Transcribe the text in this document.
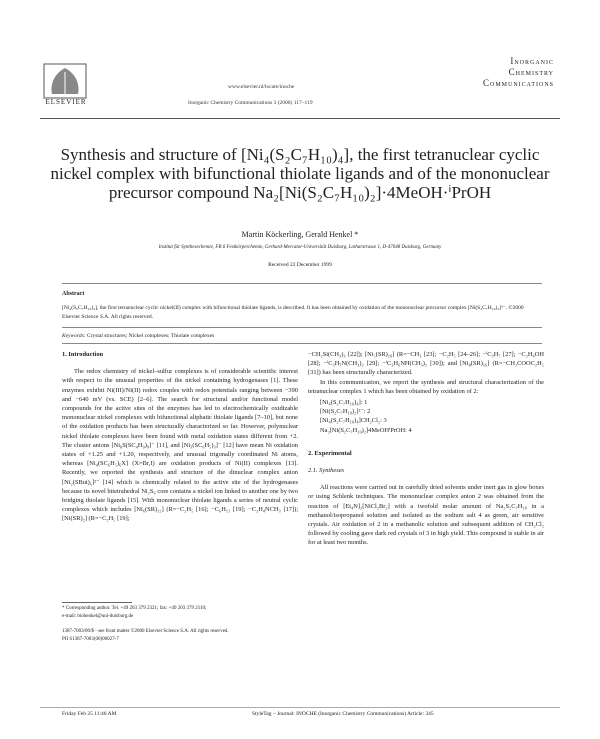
ELSEVIER
www.elsevier.nl/locate/inoche
Inorganic Chemistry Communications 3 (2000) 117–119
Inorganic
Chemistry
Communications
Synthesis and structure of [Ni₄(S₂C₇H₁₀)₄], the first tetranuclear cyclic
nickel complex with bifunctional thiolate ligands and of the mononuclear
precursor compound Na₂[Ni(S₂C₇H₁₀)₂]·4MeOH·ⁱPrOH
Martin Köckerling, Gerald Henkel *
Institut für Synthesechemie, FB 6 Festkörperchemie, Gerhard-Mercator-Universität Duisburg, Lotharstrasse 1, D-47048 Duisburg, Germany
Received 22 December 1999
Abstract
[Ni₄(S₂C₇H₁₀)₄], the first tetranuclear cyclic nickel(II) complex with bifunctional thiolate ligands, is described. It has been obtained by oxidation of the mononuclear precursor complex [Ni(S₂C₇H₁₀)₂]²⁻. ©2000 Elsevier Science S.A. All rights reserved.
Keywords: Crystal structures; Nickel complexes; Thiolate complexes
1. Introduction

The redox chemistry of nickel–sulfur complexes is of considerable scientific interest with respect to the unusual properties of the nickel containing hydrogenases [1]. These enzymes exhibit Ni(III)/Ni(II) redox couples with redox potentials ranging between −390 and −640 mV (vs. SCE) [2–6]. The search for structural and/or functional model compounds for the active sites of the enzymes has led to electrochemically oxidizable mononuclear nickel complexes with bifunctional aliphatic thiolate ligands [7–10], but none of the oxidation products has been structurally characterized so far. However, polynuclear nickel thiolate complexes have been found with metal oxidation states different from +2. The cluster anions [Ni₈S(SC₄H₉)₉]⁻ [11], and [Ni₃(SC₆H₅)₃]⁻ [12] have mean Ni oxidation states of +1.25 and +1.20, respectively, and unusual trigonally coordinated Ni atoms, whereas [Ni₄(SC₆H₅)₆X] (X=Br,I) are oxidation products of Ni(II) complexes [13]. Recently, we reported the synthesis and structure of the dinuclear complex anion [Ni₂(SBut)₆]²⁻ [14] which is chemically related to the active site of the hydrogenases because its novel bitetrahedral Ni₂S₆ core contains a nickel ion linked to another one by two bridging thiolate ligands [15]. With mononuclear thiolate ligands a series of neutral cyclic complexes which includes [Ni₆(SR)₁₂] (R=−C₂H₅ [16]; −C₆H₁₁ [19]; −C₂H₄NCH₃ [17]); [Ni(SR)₂] (R=−C₂H₅ [19];

−CH₂Si(CH₃)₃ [22]); [Ni₅(SR)₁₀] (R=−CH₃ [23]; −C₂H₅ [24–26]; −ⁱC₃H₇ [27]; −C₂H₄OH [28]; −ⁱC₃H₇N(CH₃)₂ [29]; −ⁱC₃H₆NH(CH₃)₂ [30]); and [Ni₈(SR)₁₆] (R=−CH₂COOC₂H₅ [31]) has been structurally characterized.

In this communication, we report the synthesis and structural characterization of the tetranuclear complex 1 which has been obtained by oxidation of 2:

[Ni₄(S₂C₇H₁₀)₄]: 1
[Ni(S₂C₇H₁₀)₂]²⁻: 2
[Ni₄(S₂C₇H₁₀)₄]CH₂Cl₂: 3
Na₂[Ni(S₂C₇H₁₀)₂]4MeOHⁱPrOH: 4
2. Experimental
2.1. Syntheses

All reactions were carried out in carefully dried solvents under inert gas in glow boxes or using Schlenk techniques. The mononuclear complex anion 2 was obtained from the reaction of [Et₄N]₂[NiCl₂Br₂] with a twofold molar amount of Na₂S₂C₇H₁₀ in a methanol/isopropanol solution and isolated as the sodium salt 4 as green, air sensitive crystals. Air oxidation of 2 in a methanolic solution and subsequent addition of CH₂Cl₂ followed by cooling gave dark red crystals of 3 in high yield. This compound is stable in air for at least two months.

* Corresponding author. Tel. +49 203 379 2321; fax: +49 203 379 2110;
e-mail: biohenkel@uni-duisburg.de
1387-7003/00/$ - see front matter ©2000 Elsevier Science S.A. All rights reserved.
PII S1387-7003(00)00027-7
Friday Feb 25 11:46 AM	StyleTag – Journal: INOCHE (Inorganic Chemistry Communications) Article: 345
